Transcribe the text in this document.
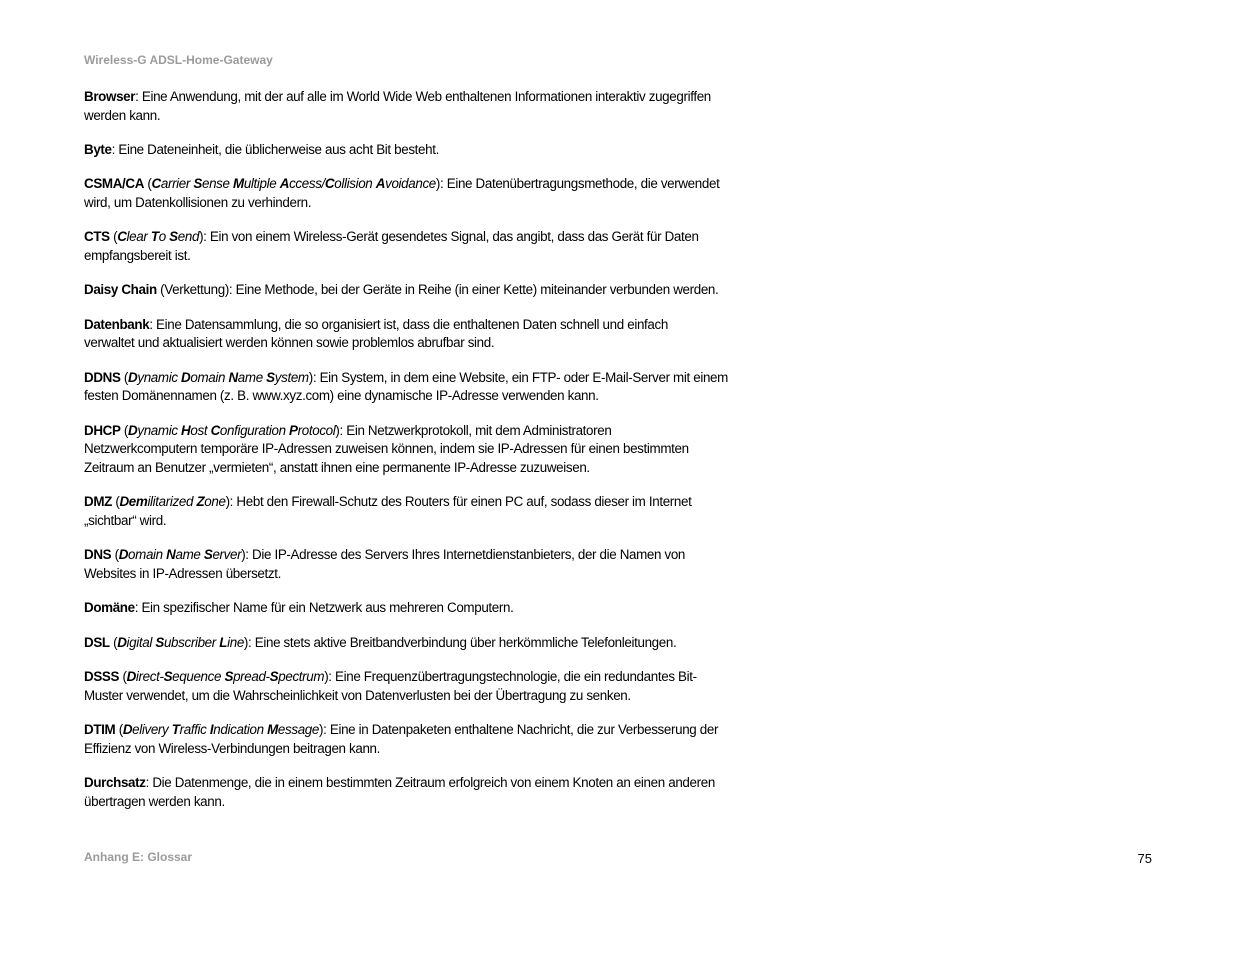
Wireless-G ADSL-Home-Gateway
Browser: Eine Anwendung, mit der auf alle im World Wide Web enthaltenen Informationen interaktiv zugegriffen
werden kann.
Byte: Eine Dateneinheit, die üblicherweise aus acht Bit besteht.
CSMA/CA (Carrier Sense Multiple Access/Collision Avoidance): Eine Datenübertragungsmethode, die verwendet
wird, um Datenkollisionen zu verhindern.
CTS (Clear To Send): Ein von einem Wireless-Gerät gesendetes Signal, das angibt, dass das Gerät für Daten
empfangsbereit ist.
Daisy Chain (Verkettung): Eine Methode, bei der Geräte in Reihe (in einer Kette) miteinander verbunden werden.
Datenbank: Eine Datensammlung, die so organisiert ist, dass die enthaltenen Daten schnell und einfach
verwaltet und aktualisiert werden können sowie problemlos abrufbar sind.
DDNS (Dynamic Domain Name System): Ein System, in dem eine Website, ein FTP- oder E-Mail-Server mit einem
festen Domänennamen (z. B. www.xyz.com) eine dynamische IP-Adresse verwenden kann.
DHCP (Dynamic Host Configuration Protocol): Ein Netzwerkprotokoll, mit dem Administratoren
Netzwerkcomputern temporäre IP-Adressen zuweisen können, indem sie IP-Adressen für einen bestimmten
Zeitraum an Benutzer „vermieten“, anstatt ihnen eine permanente IP-Adresse zuzuweisen.
DMZ (Demilitarized Zone): Hebt den Firewall-Schutz des Routers für einen PC auf, sodass dieser im Internet
„sichtbar“ wird.
DNS (Domain Name Server): Die IP-Adresse des Servers Ihres Internetdienstanbieters, der die Namen von
Websites in IP-Adressen übersetzt.
Domäne: Ein spezifischer Name für ein Netzwerk aus mehreren Computern.
DSL (Digital Subscriber Line): Eine stets aktive Breitbandverbindung über herkömmliche Telefonleitungen.
DSSS (Direct-Sequence Spread-Spectrum): Eine Frequenzübertragungstechnologie, die ein redundantes Bit-
Muster verwendet, um die Wahrscheinlichkeit von Datenverlusten bei der Übertragung zu senken.
DTIM (Delivery Traffic Indication Message): Eine in Datenpaketen enthaltene Nachricht, die zur Verbesserung der
Effizienz von Wireless-Verbindungen beitragen kann.
Durchsatz: Die Datenmenge, die in einem bestimmten Zeitraum erfolgreich von einem Knoten an einen anderen
übertragen werden kann.
Anhang E: Glossar	75
